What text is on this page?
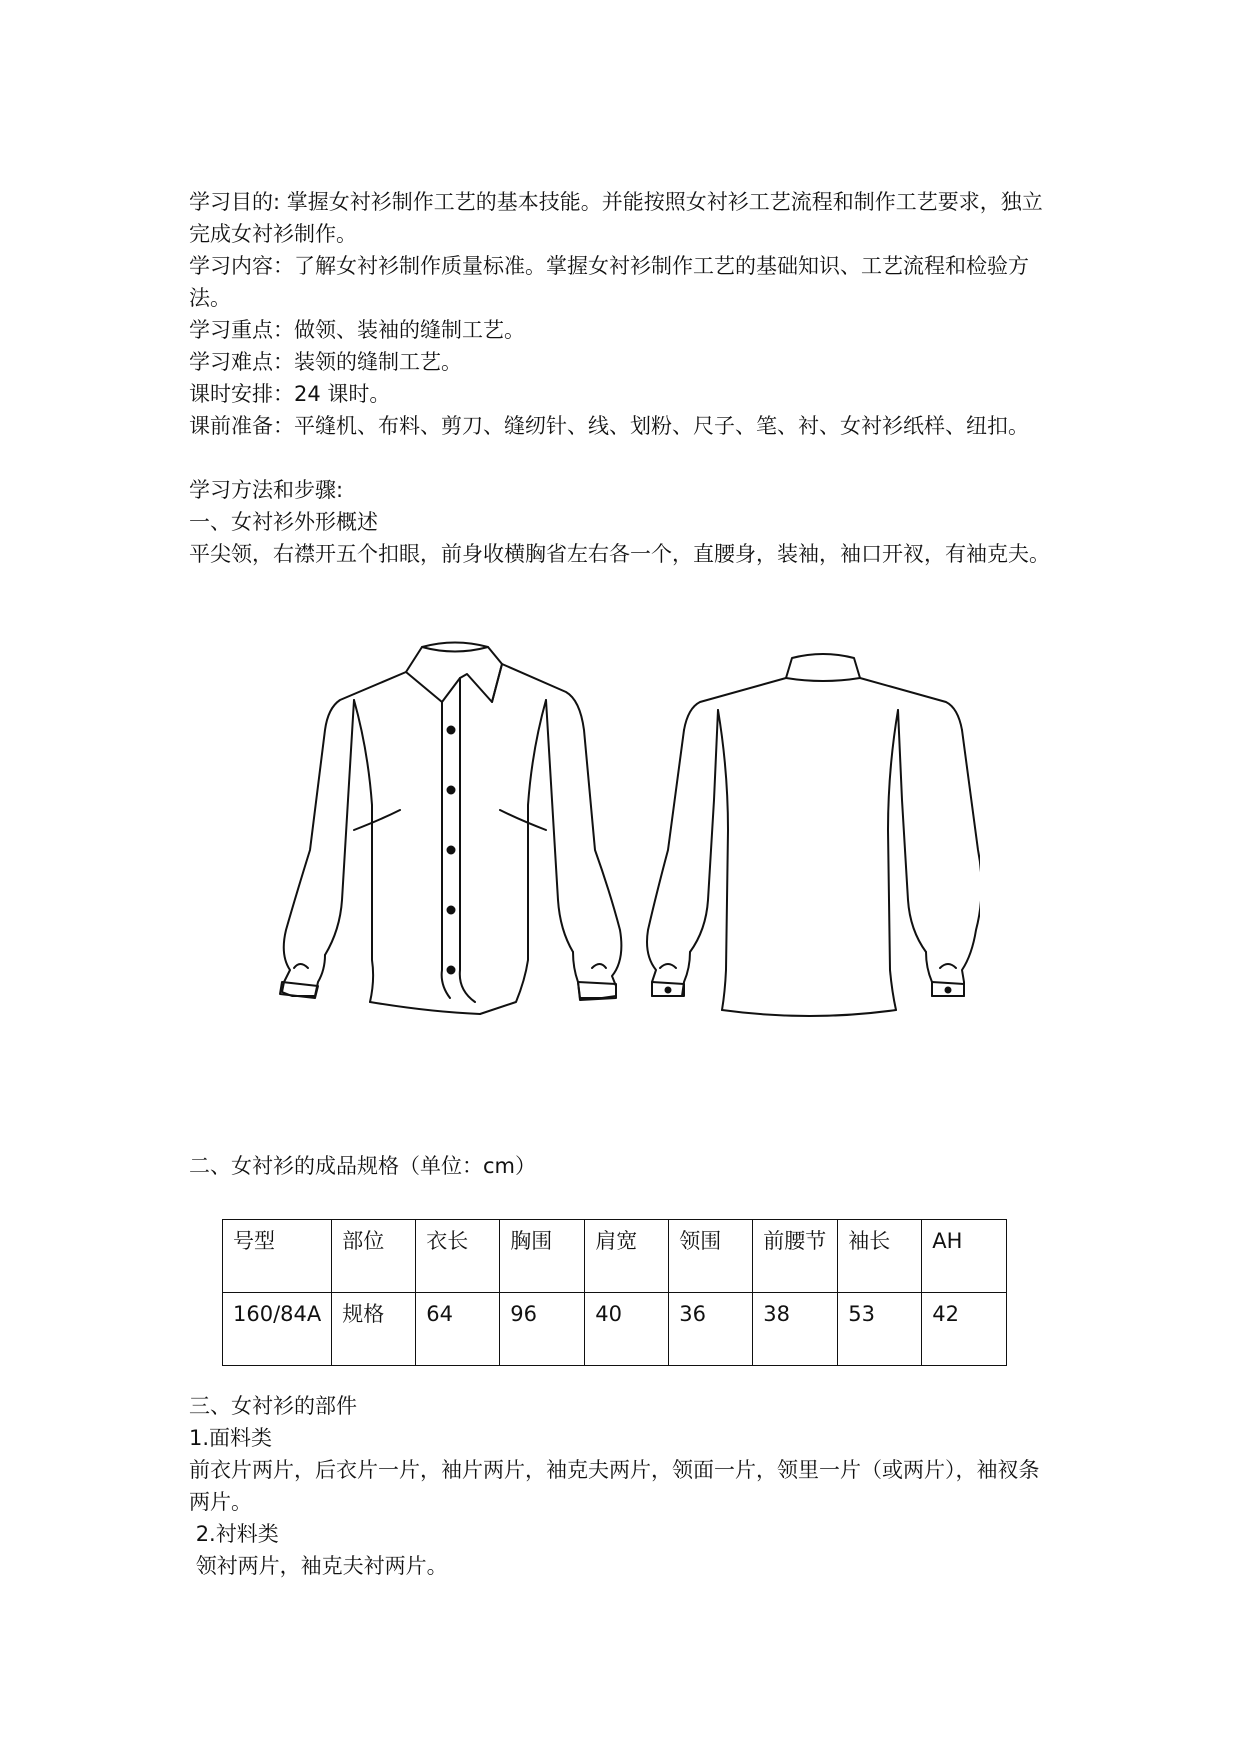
学习目的: 掌握女衬衫制作工艺的基本技能。并能按照女衬衫工艺流程和制作工艺要求，独立完成女衬衫制作。

学习内容：了解女衬衫制作质量标准。掌握女衬衫制作工艺的基础知识、工艺流程和检验方法。

学习重点：做领、装袖的缝制工艺。

学习难点：装领的缝制工艺。

课时安排：24 课时。

课前准备：平缝机、布料、剪刀、缝纫针、线、划粉、尺子、笔、衬、女衬衫纸样、纽扣。

学习方法和步骤:

一、女衬衫外形概述

平尖领，右襟开五个扣眼，前身收横胸省左右各一个，直腰身，装袖，袖口开衩，有袖克夫。

二、女衬衫的成品规格（单位：cm）

号型	部位	衣长	胸围	肩宽	领围	前腰节	袖长	AH
160/84A	规格	64	96	40	36	38	53	42

三、女衬衫的部件

1.面料类

前衣片两片，后衣片一片，袖片两片，袖克夫两片，领面一片，领里一片（或两片），袖衩条两片。

2.衬料类

领衬两片，袖克夫衬两片。
